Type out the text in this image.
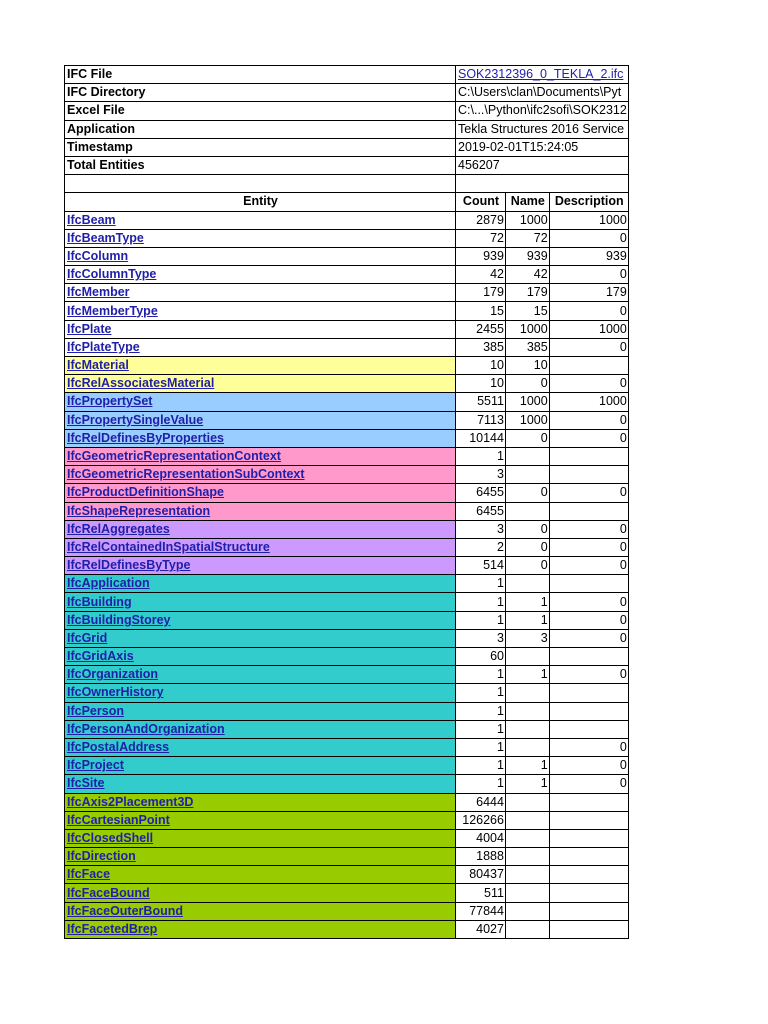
IFC File	SOK2312396_0_TEKLA_2.ifc		
IFC Directory	C:\Users\clan\Documents\Pyt		
Excel File	C:\...\Python\ifc2sofi\SOK2312		
Application	Tekla Structures 2016 Service		
Timestamp	2019-02-01T15:24:05		
Total Entities	456207		

Entity	Count	Name	Description
IfcBeam	2879	1000	1000
IfcBeamType	72	72	0
IfcColumn	939	939	939
IfcColumnType	42	42	0
IfcMember	179	179	179
IfcMemberType	15	15	0
IfcPlate	2455	1000	1000
IfcPlateType	385	385	0
IfcMaterial	10	10	
IfcRelAssociatesMaterial	10	0	0
IfcPropertySet	5511	1000	1000
IfcPropertySingleValue	7113	1000	0
IfcRelDefinesByProperties	10144	0	0
IfcGeometricRepresentationContext	1		
IfcGeometricRepresentationSubContext	3		
IfcProductDefinitionShape	6455	0	0
IfcShapeRepresentation	6455		
IfcRelAggregates	3	0	0
IfcRelContainedInSpatialStructure	2	0	0
IfcRelDefinesByType	514	0	0
IfcApplication	1		
IfcBuilding	1	1	0
IfcBuildingStorey	1	1	0
IfcGrid	3	3	0
IfcGridAxis	60		
IfcOrganization	1	1	0
IfcOwnerHistory	1		
IfcPerson	1		
IfcPersonAndOrganization	1		
IfcPostalAddress	1		0
IfcProject	1	1	0
IfcSite	1	1	0
IfcAxis2Placement3D	6444		
IfcCartesianPoint	126266		
IfcClosedShell	4004		
IfcDirection	1888		
IfcFace	80437		
IfcFaceBound	511		
IfcFaceOuterBound	77844		
IfcFacetedBrep	4027		
